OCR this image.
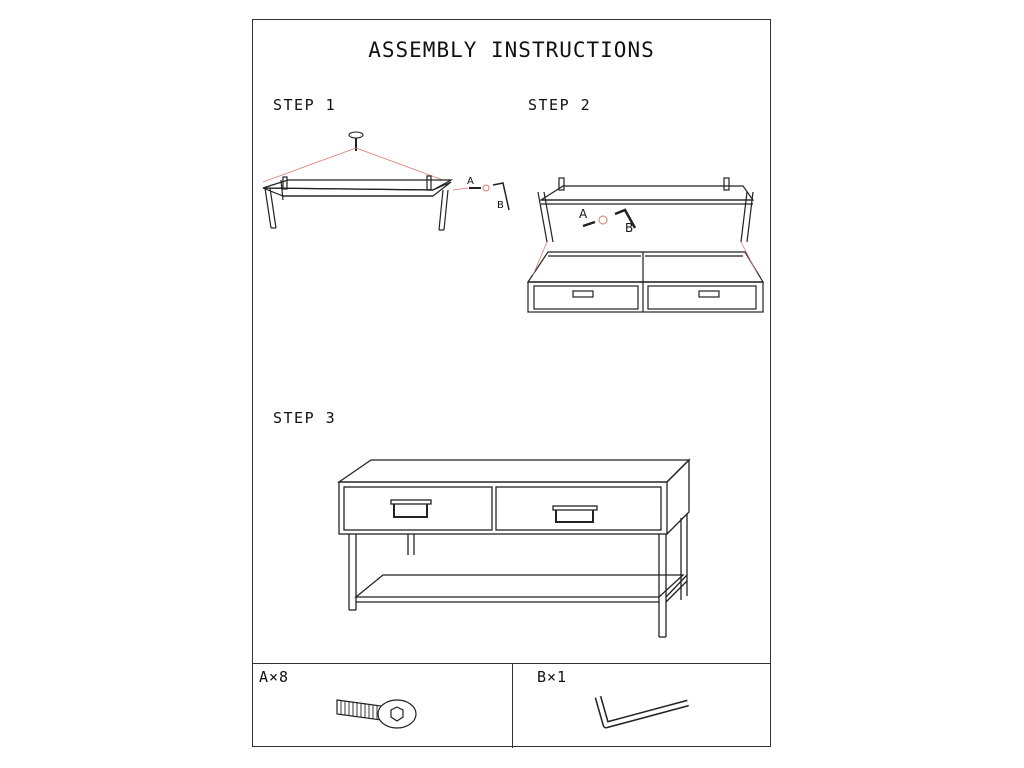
ASSEMBLY INSTRUCTIONS
STEP 1	STEP 2
STEP 3
A
B
A
B
A×8	B×1
